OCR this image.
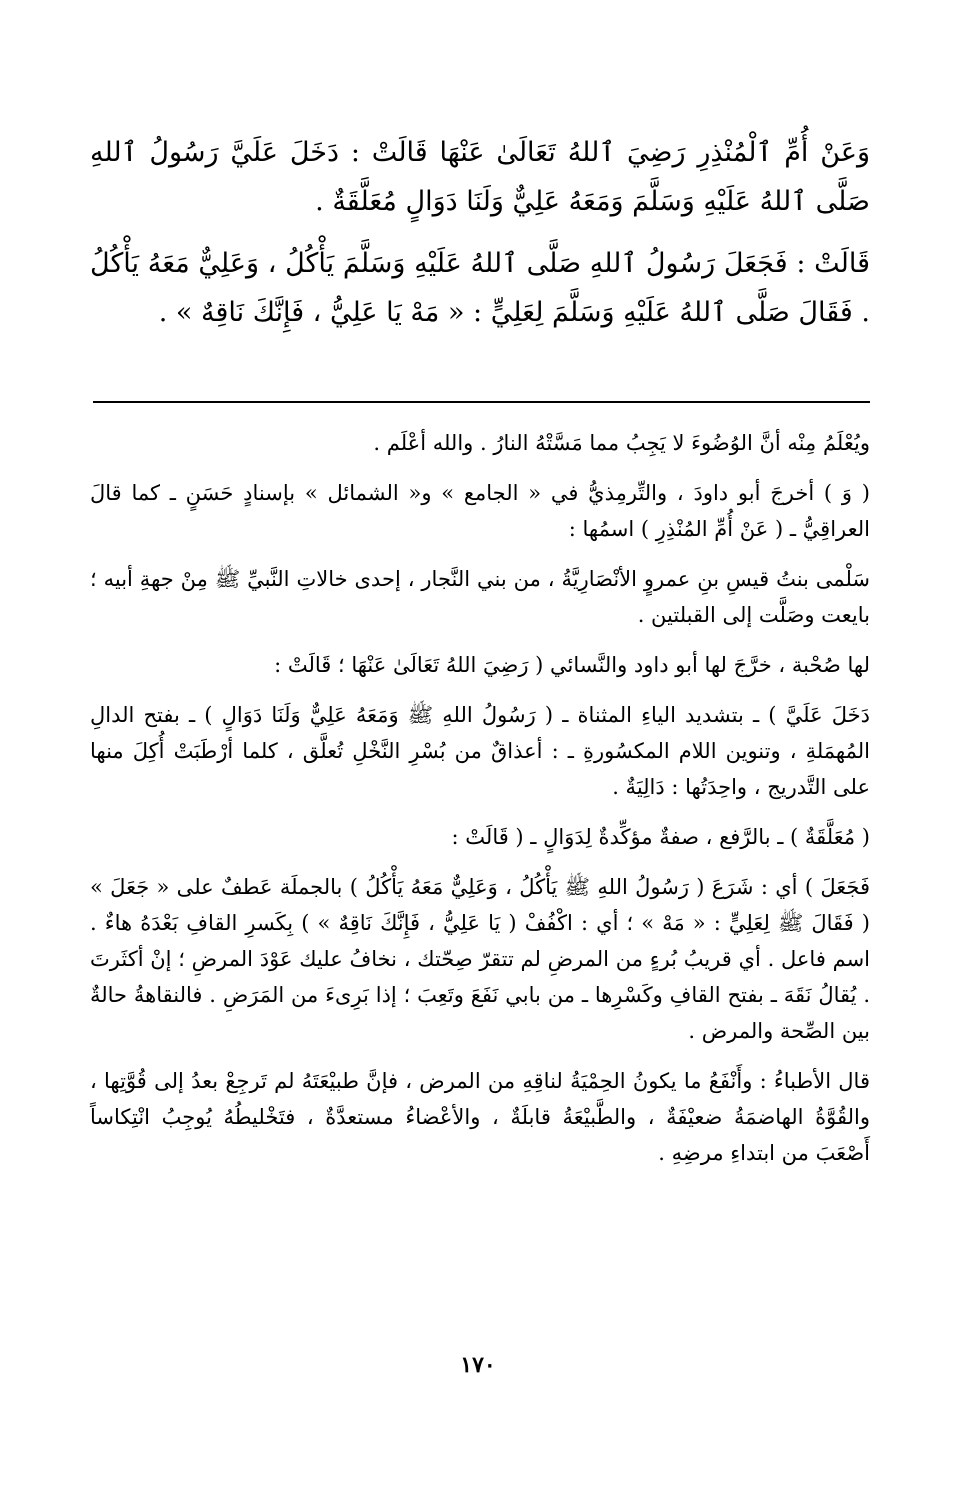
وَعَنْ أُمِّ ٱلْمُنْذِرِ رَضِيَ ٱللهُ تَعَالَىٰ عَنْهَا قَالَتْ : دَخَلَ عَلَيَّ رَسُولُ ٱللهِ صَلَّى ٱللهُ عَلَيْهِ وَسَلَّمَ وَمَعَهُ عَلِيٌّ وَلَنَا دَوَالٍ مُعَلَّقَةٌ .

قَالَتْ : فَجَعَلَ رَسُولُ ٱللهِ صَلَّى ٱللهُ عَلَيْهِ وَسَلَّمَ يَأْكُلُ ، وَعَلِيٌّ مَعَهُ يَأْكُلُ . فَقَالَ صَلَّى ٱللهُ عَلَيْهِ وَسَلَّمَ لِعَلِيٍّ : « مَهْ يَا عَلِيُّ ، فَإِنَّكَ نَاقِهٌ » .

ويُعْلَمُ مِنْه أنَّ الوُضُوءَ لا يَجِبُ مما مَسَّتْهُ النارُ . والله أعْلَم .

( وَ ) أخرجَ أبو داودَ ، والتِّرمِذيُّ في « الجامع » و« الشمائل » بإسنادٍ حَسَنٍ ـ كما قالَ العراقِيُّ ـ ( عَنْ أُمِّ المُنْذِرِ ) اسمُها :

سَلْمى بنتُ قيسِ بنِ عمروٍ الأنْصَارِيَّةُ ، من بني النَّجار ، إحدى خالاتِ النَّبيِّ ﷺ مِنْ جهةِ أبيه ؛ بايعت وصَلَّت إلى القبلتين .

لها صُحْبة ، خرَّجَ لها أبو داود والنَّسائي ( رَضِيَ اللهُ تَعَالَىٰ عَنْهَا ؛ قَالَتْ :

دَخَلَ عَلَيَّ ) ـ بتشديد الياءِ المثناة ـ ( رَسُولُ اللهِ ﷺ وَمَعَهُ عَلِيٌّ وَلَنَا دَوَالٍ ) ـ بفتح الدالِ المُهمَلةِ ، وتنوين اللام المكسُورةِ ـ : أعذاقٌ من بُسْرِ النَّخْلِ تُعلَّق ، كلما أرْطَبَتْ أُكِلَ منها على التَّدريج ، واحِدَتُها : دَالِيَةٌ .

( مُعَلَّقَةٌ ) ـ بالرَّفع ، صفةٌ مؤكِّدةٌ لِدَوَالٍ ـ ( قَالَتْ :

فَجَعَلَ ) أي : شَرَعَ ( رَسُولُ اللهِ ﷺ يَأْكُلُ ، وَعَلِيٌّ مَعَهُ يَأْكُلُ ) بالجملَة عَطفٌ على « جَعَلَ » ( فَقَالَ ﷺ لِعَلِيٍّ : « مَهْ » ؛ أي : اكْفُفْ ( يَا عَلِيُّ ، فَإِنَّكَ نَاقِهٌ » ) بِكَسرِ القافِ بَعْدَهُ هاءٌ . اسم فاعل . أي قريبُ بُرءٍ من المرضِ لم تتقرّ صِحّتك ، نخافُ عليك عَوْدَ المرضِ ؛ إنْ أكثَرتَ . يُقالُ نَقَهَ ـ بفتح القافِ وكَسْرِها ـ من بابي نَفَعَ وتَعِبَ ؛ إذا بَرِىءَ من المَرَضِ . فالنقاهةُ حالةٌ بين الصِّحة والمرض .

قال الأطباءُ : وأَنْفَعُ ما يكونُ الحِمْيَةُ لناقِهِ من المرض ، فإنَّ طبيْعَتَهُ لم تَرجِعْ بعدُ إلى قُوَّتِها ، والقُوَّةُ الهاضمَةُ ضعيْفَةٌ ، والطَّبيْعَةُ قابلَةٌ ، والأعْضاءُ مستعدَّةٌ ، فتَخْليطُهُ يُوجِبُ انْتِكاساً أَصْعَبَ من ابتداءِ مرضِهِ .

١٧٠
